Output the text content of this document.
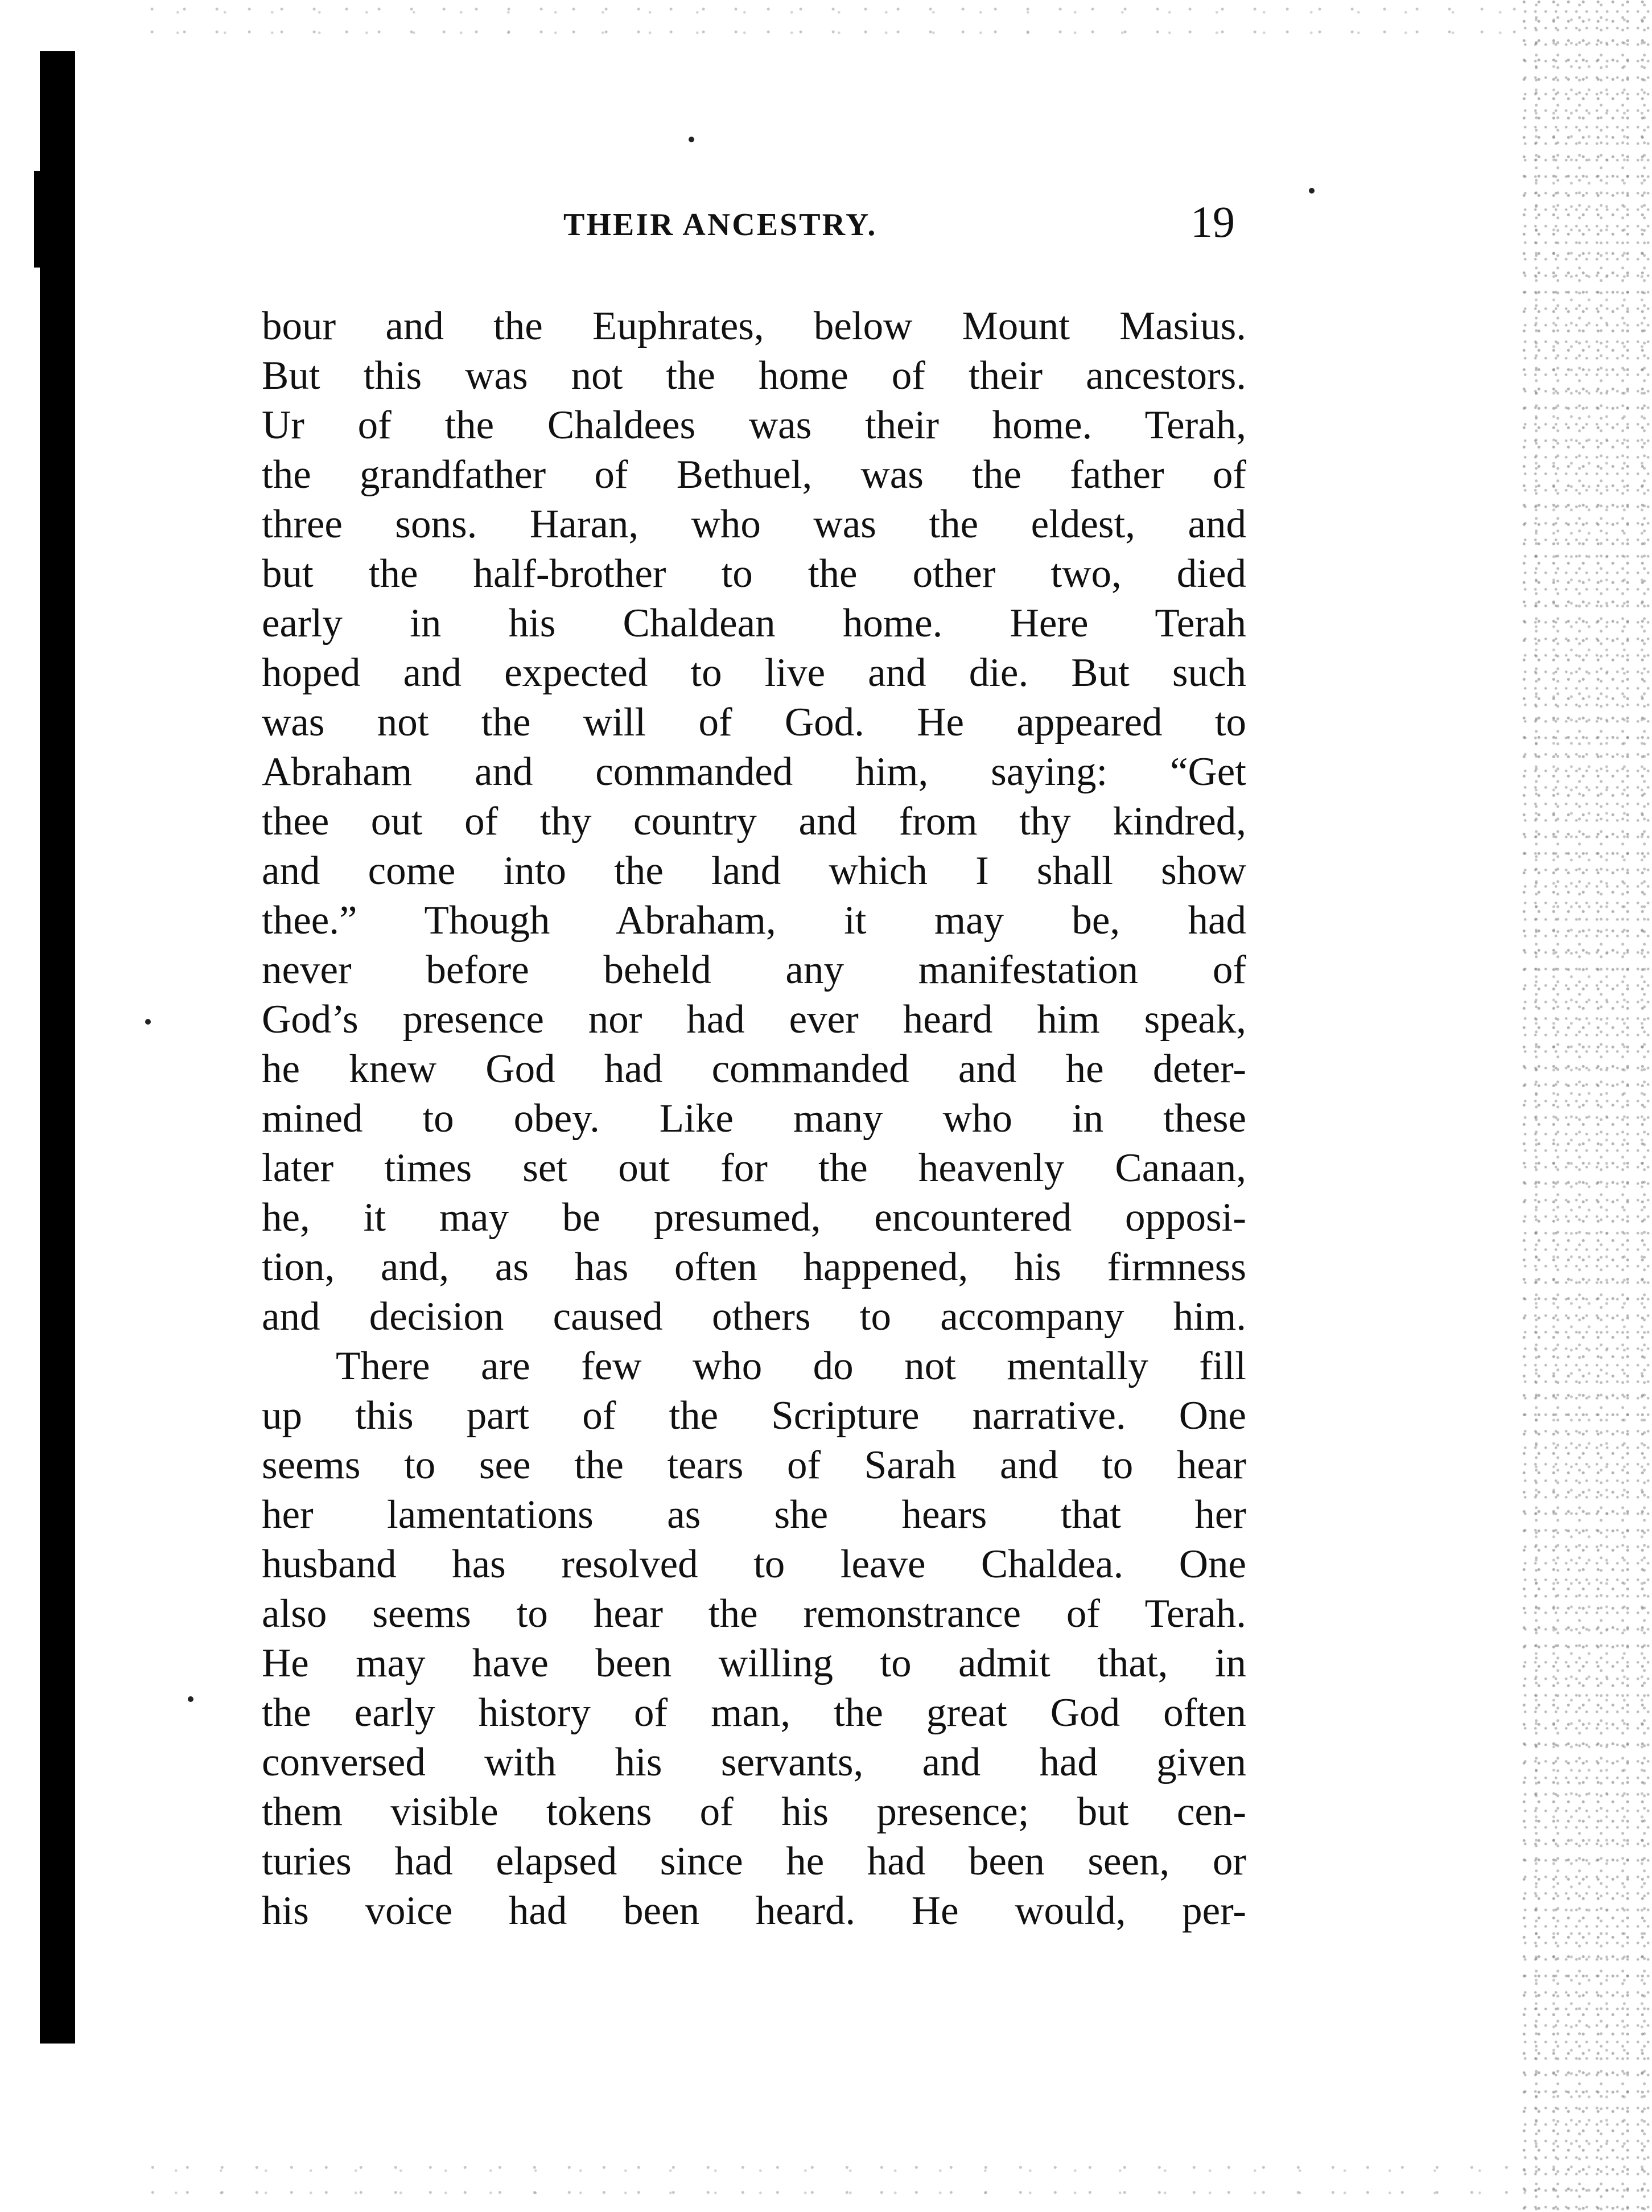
THEIR ANCESTRY.	19
bour and the Euphrates, below Mount Masius.
But this was not the home of their ancestors.
Ur of the Chaldees was their home. Terah,
the grandfather of Bethuel, was the father of
three sons. Haran, who was the eldest, and
but the half-brother to the other two, died
early in his Chaldean home. Here Terah
hoped and expected to live and die. But such
was not the will of God. He appeared to
Abraham and commanded him, saying: “Get
thee out of thy country and from thy kindred,
and come into the land which I shall show
thee.” Though Abraham, it may be, had
never before beheld any manifestation of
God’s presence nor had ever heard him speak,
he knew God had commanded and he deter-
mined to obey. Like many who in these
later times set out for the heavenly Canaan,
he, it may be presumed, encountered opposi-
tion, and, as has often happened, his firmness
and decision caused others to accompany him.
There are few who do not mentally fill
up this part of the Scripture narrative. One
seems to see the tears of Sarah and to hear
her lamentations as she hears that her
husband has resolved to leave Chaldea. One
also seems to hear the remonstrance of Terah.
He may have been willing to admit that, in
the early history of man, the great God often
conversed with his servants, and had given
them visible tokens of his presence; but cen-
turies had elapsed since he had been seen, or
his voice had been heard. He would, per-
